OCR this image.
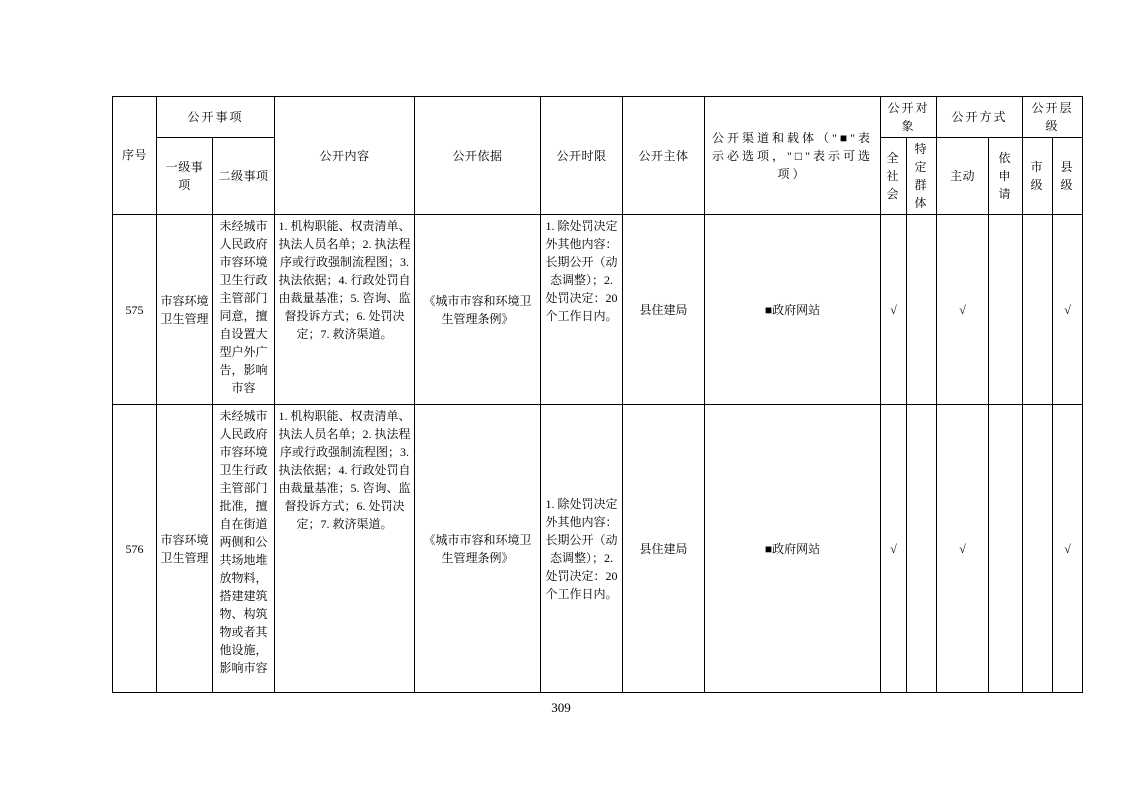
序号	公开事项		公开内容	公开依据	公开时限	公开主体	公开渠道和载体（"■"表示必选项，"□"表示可选项）	公开对象		公开方式		公开层级	
	一级事项	二级事项						全社会	特定群体	主动	依申请	市级	县级
575	市容环境卫生管理	未经城市人民政府市容环境卫生行政主管部门同意，擅自设置大型户外广告，影响市容	1. 机构职能、权责清单、执法人员名单；2. 执法程序或行政强制流程图；3. 执法依据；4. 行政处罚自由裁量基准；5. 咨询、监督投诉方式；6. 处罚决定；7. 救济渠道。	《城市市容和环境卫生管理条例》	1. 除处罚决定外其他内容：长期公开（动态调整）；2. 处罚决定：20个工作日内。	县住建局	■政府网站	√		√			√
576	市容环境卫生管理	未经城市人民政府市容环境卫生行政主管部门批准，擅自在街道两侧和公共场地堆放物料，搭建建筑物、构筑物或者其他设施，影响市容	1. 机构职能、权责清单、执法人员名单；2. 执法程序或行政强制流程图；3. 执法依据；4. 行政处罚自由裁量基准；5. 咨询、监督投诉方式；6. 处罚决定；7. 救济渠道。	《城市市容和环境卫生管理条例》	1. 除处罚决定外其他内容：长期公开（动态调整）；2. 处罚决定：20个工作日内。	县住建局	■政府网站	√		√			√
309
